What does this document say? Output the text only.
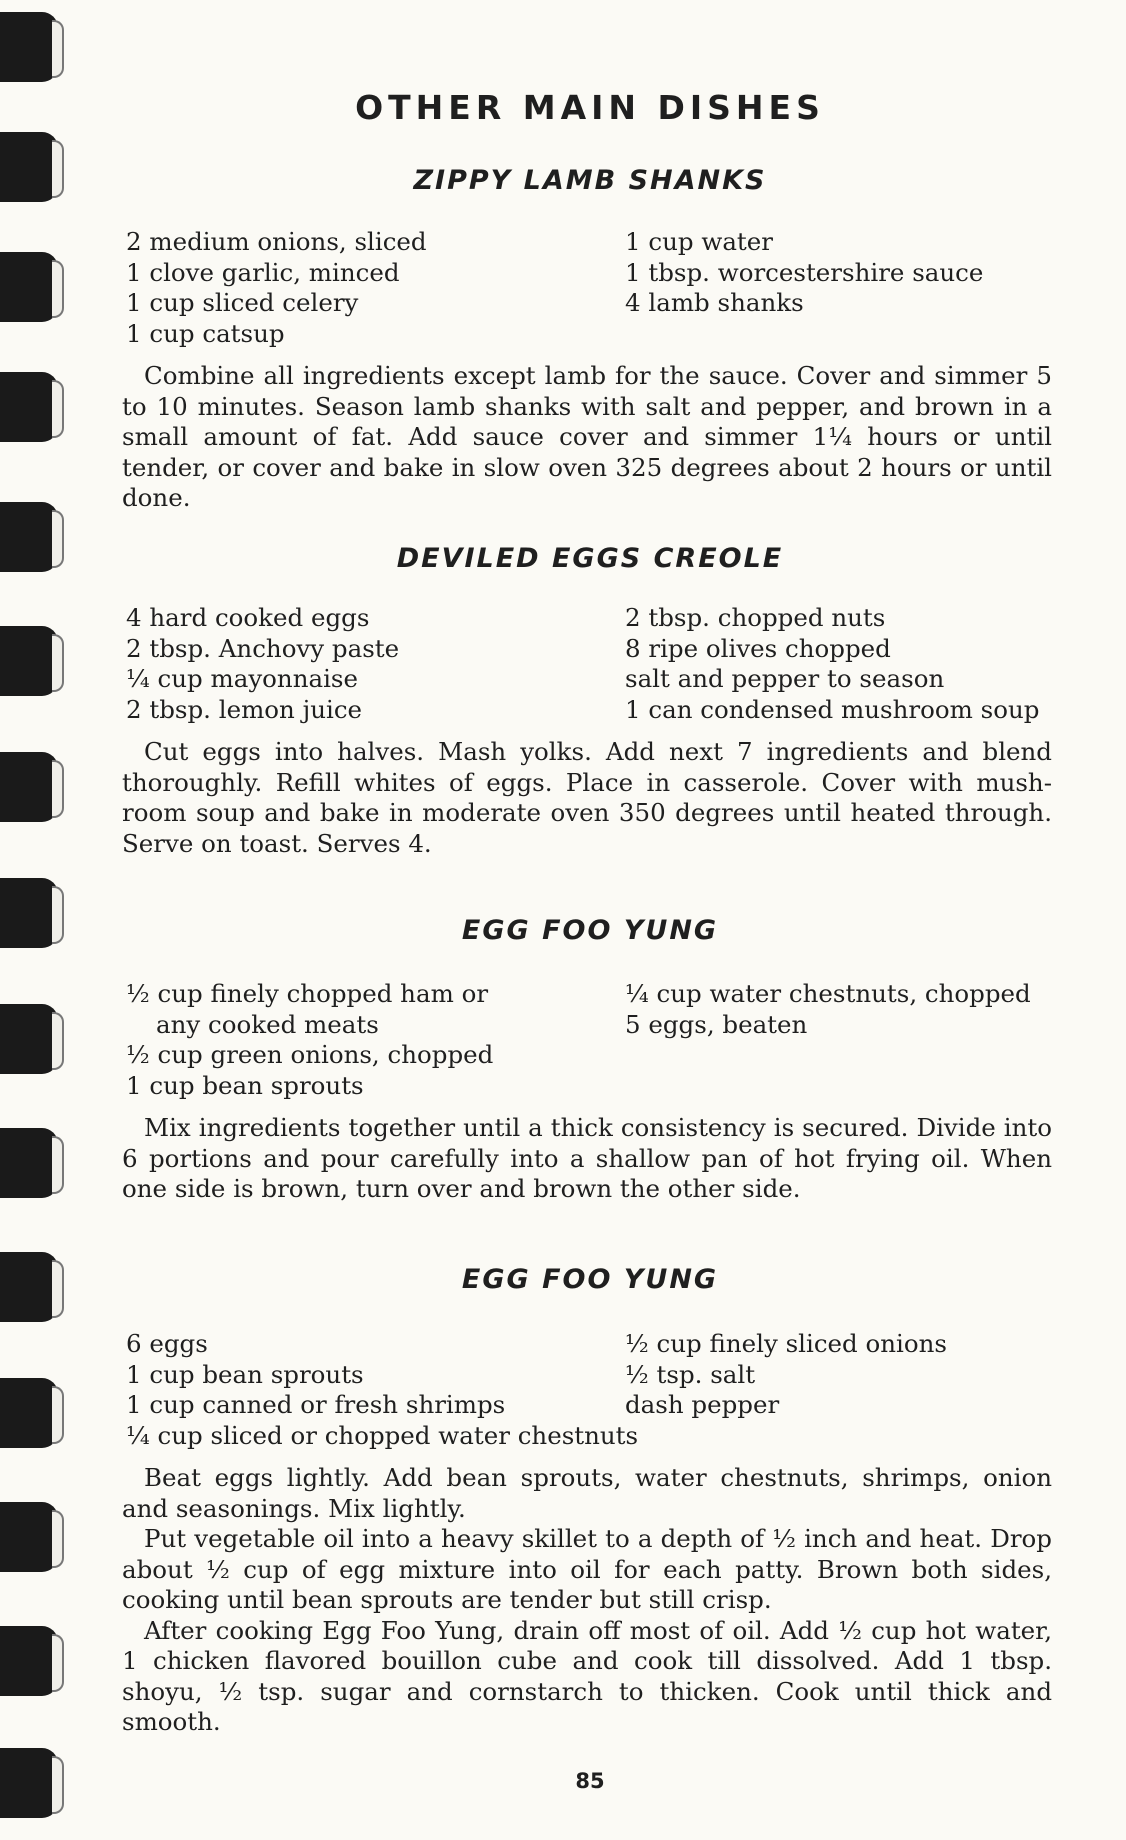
OTHER MAIN DISHES
ZIPPY LAMB SHANKS
2 medium onions, sliced
1 clove garlic, minced
1 cup sliced celery
1 cup catsup
1 cup water
1 tbsp. worcestershire sauce
4 lamb shanks

Combine all ingredients except lamb for the sauce. Cover and simmer 5 to 10 minutes. Season lamb shanks with salt and pepper, and brown in a small amount of fat. Add sauce cover and simmer 1¼ hours or until tender, or cover and bake in slow oven 325 degrees about 2 hours or until done.

DEVILED EGGS CREOLE
4 hard cooked eggs
2 tbsp. Anchovy paste
¼ cup mayonnaise
2 tbsp. lemon juice
2 tbsp. chopped nuts
8 ripe olives chopped
salt and pepper to season
1 can condensed mushroom soup

Cut eggs into halves. Mash yolks. Add next 7 ingredients and blend thoroughly. Refill whites of eggs. Place in casserole. Cover with mush-room soup and bake in moderate oven 350 degrees until heated through. Serve on toast. Serves 4.

EGG FOO YUNG
½ cup finely chopped ham or
any cooked meats
½ cup green onions, chopped
1 cup bean sprouts
¼ cup water chestnuts, chopped
5 eggs, beaten

Mix ingredients together until a thick consistency is secured. Divide into 6 portions and pour carefully into a shallow pan of hot frying oil. When one side is brown, turn over and brown the other side.

EGG FOO YUNG
6 eggs
1 cup bean sprouts
1 cup canned or fresh shrimps
¼ cup sliced or chopped water chestnuts
½ cup finely sliced onions
½ tsp. salt
dash pepper

Beat eggs lightly. Add bean sprouts, water chestnuts, shrimps, onion and seasonings. Mix lightly.

Put vegetable oil into a heavy skillet to a depth of ½ inch and heat. Drop about ½ cup of egg mixture into oil for each patty. Brown both sides, cooking until bean sprouts are tender but still crisp.

After cooking Egg Foo Yung, drain off most of oil. Add ½ cup hot water, 1 chicken flavored bouillon cube and cook till dissolved. Add 1 tbsp. shoyu, ½ tsp. sugar and cornstarch to thicken. Cook until thick and smooth.

85
